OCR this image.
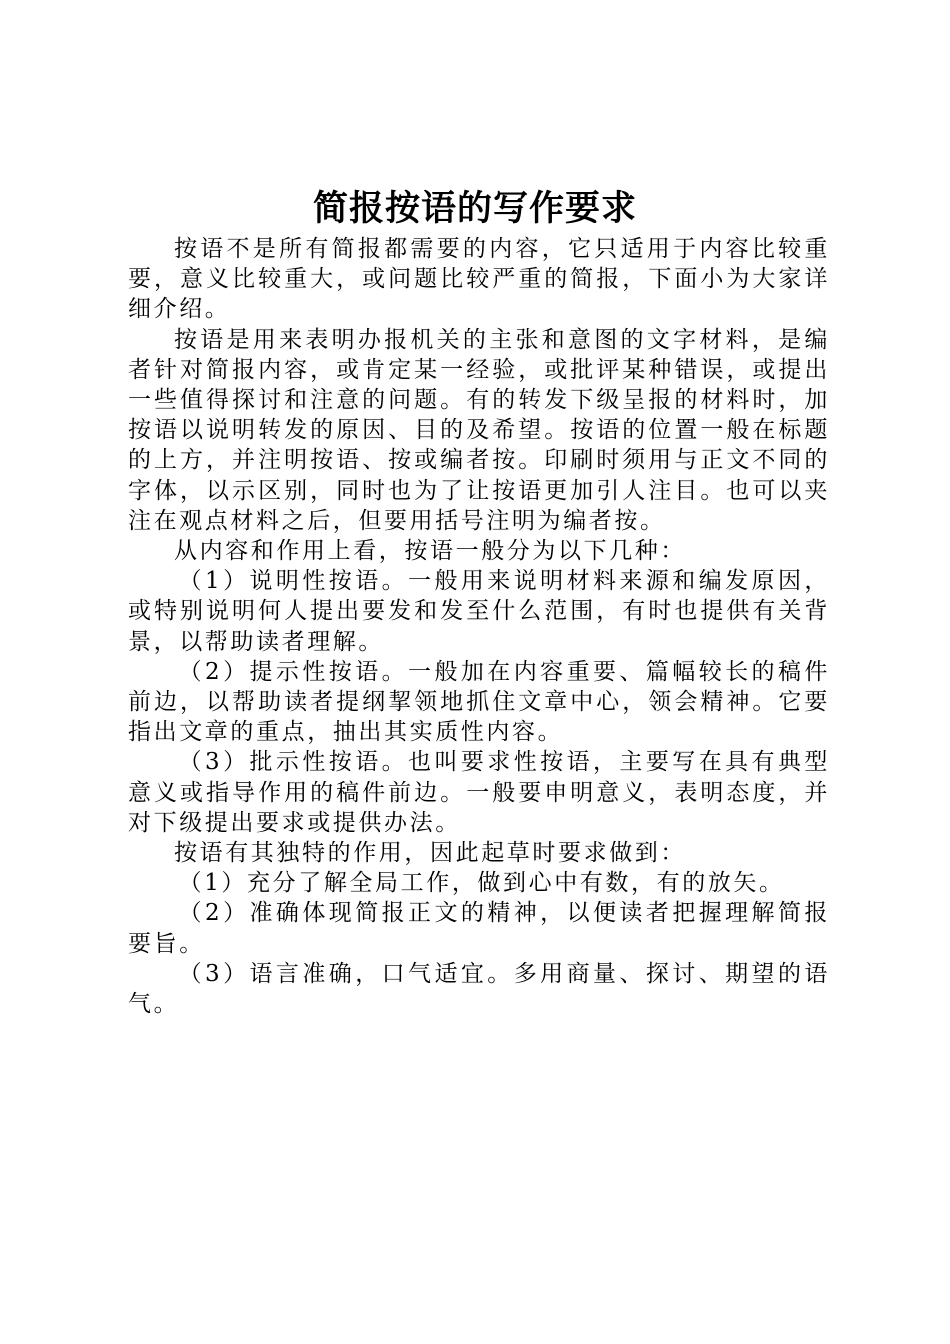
简报按语的写作要求

按语不是所有简报都需要的内容，它只适用于内容比较重要，意义比较重大，或问题比较严重的简报，下面小为大家详细介绍。

按语是用来表明办报机关的主张和意图的文字材料，是编者针对简报内容，或肯定某一经验，或批评某种错误，或提出一些值得探讨和注意的问题。有的转发下级呈报的材料时，加按语以说明转发的原因、目的及希望。按语的位置一般在标题的上方，并注明按语、按或编者按。印刷时须用与正文不同的字体，以示区别，同时也为了让按语更加引人注目。也可以夹注在观点材料之后，但要用括号注明为编者按。

从内容和作用上看，按语一般分为以下几种：

（1）说明性按语。一般用来说明材料来源和编发原因，或特别说明何人提出要发和发至什么范围，有时也提供有关背景，以帮助读者理解。

（2）提示性按语。一般加在内容重要、篇幅较长的稿件前边，以帮助读者提纲挈领地抓住文章中心，领会精神。它要指出文章的重点，抽出其实质性内容。

（3）批示性按语。也叫要求性按语，主要写在具有典型意义或指导作用的稿件前边。一般要申明意义，表明态度，并对下级提出要求或提供办法。

按语有其独特的作用，因此起草时要求做到：

（1）充分了解全局工作，做到心中有数，有的放矢。

（2）准确体现简报正文的精神，以便读者把握理解简报要旨。

（3）语言准确，口气适宜。多用商量、探讨、期望的语气。
